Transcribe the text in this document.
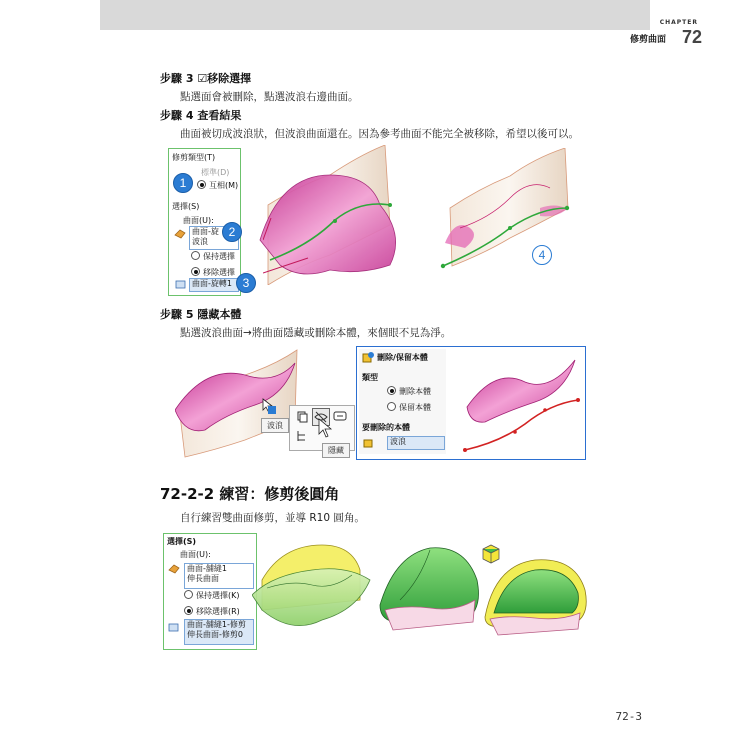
CHAPTER
修剪曲面 72
步驟 3 ☑移除選擇
點選面會被刪除，點選波浪右邊曲面。
步驟 4 查看結果
曲面被切成波浪狀，但波浪曲面還在。因為參考曲面不能完全被移除，希望以後可以。
修剪類型(T)
標準(D)
互相(M)
選擇(S)
曲面(U):
曲面-旋
波浪
保持選擇
移除選擇
曲面-旋轉1
1
2
3
4
步驟 5 隱藏本體
點選波浪曲面→將曲面隱藏或刪除本體，來個眼不見為淨。
波浪
隱藏
刪除/保留本體
類型
刪除本體
保留本體
要刪除的本體
波浪
72-2-2 練習：修剪後圓角
自行練習雙曲面修剪，並導 R10 圓角。
選擇(S)
曲面(U):
曲面-舖縫1
伸長曲面
保持選擇(K)
移除選擇(R)
曲面-舖縫1-修剪
伸長曲面-修剪0
72-3
